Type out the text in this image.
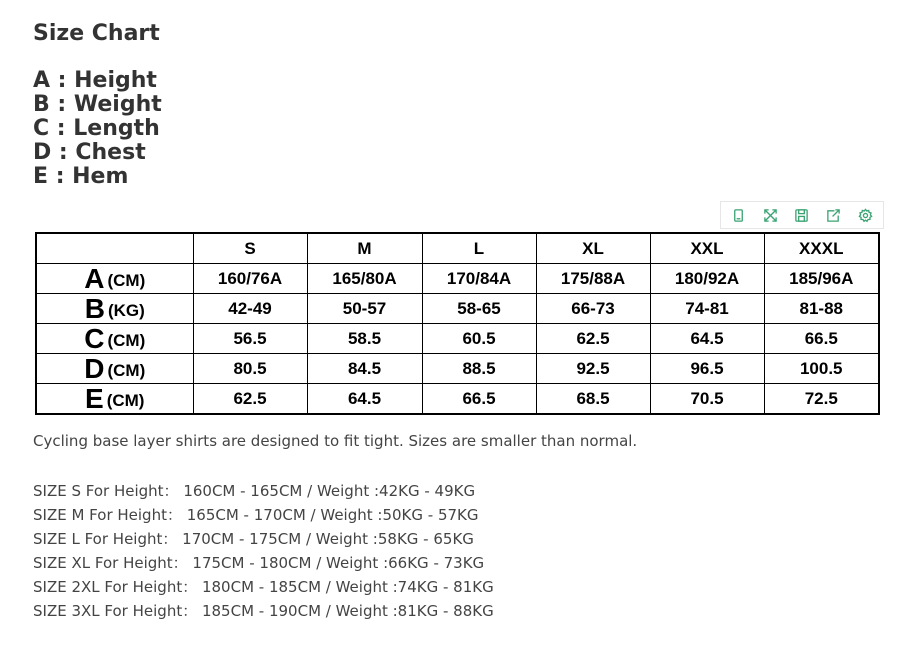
Size Chart
A : Height
B : Weight
C : Length
D : Chest
E : Hem
	S	M	L	XL	XXL	XXXL
A (CM)	160/76A	165/80A	170/84A	175/88A	180/92A	185/96A
B (KG)	42-49	50-57	58-65	66-73	74-81	81-88
C (CM)	56.5	58.5	60.5	62.5	64.5	66.5
D (CM)	80.5	84.5	88.5	92.5	96.5	100.5
E (CM)	62.5	64.5	66.5	68.5	70.5	72.5

Cycling base layer shirts are designed to fit tight. Sizes are smaller than normal.

SIZE S For Height： 160CM - 165CM / Weight :42KG - 49KG
SIZE M For Height： 165CM - 170CM / Weight :50KG - 57KG
SIZE L For Height： 170CM - 175CM / Weight :58KG - 65KG
SIZE XL For Height： 175CM - 180CM / Weight :66KG - 73KG
SIZE 2XL For Height： 180CM - 185CM / Weight :74KG - 81KG
SIZE 3XL For Height： 185CM - 190CM / Weight :81KG - 88KG
